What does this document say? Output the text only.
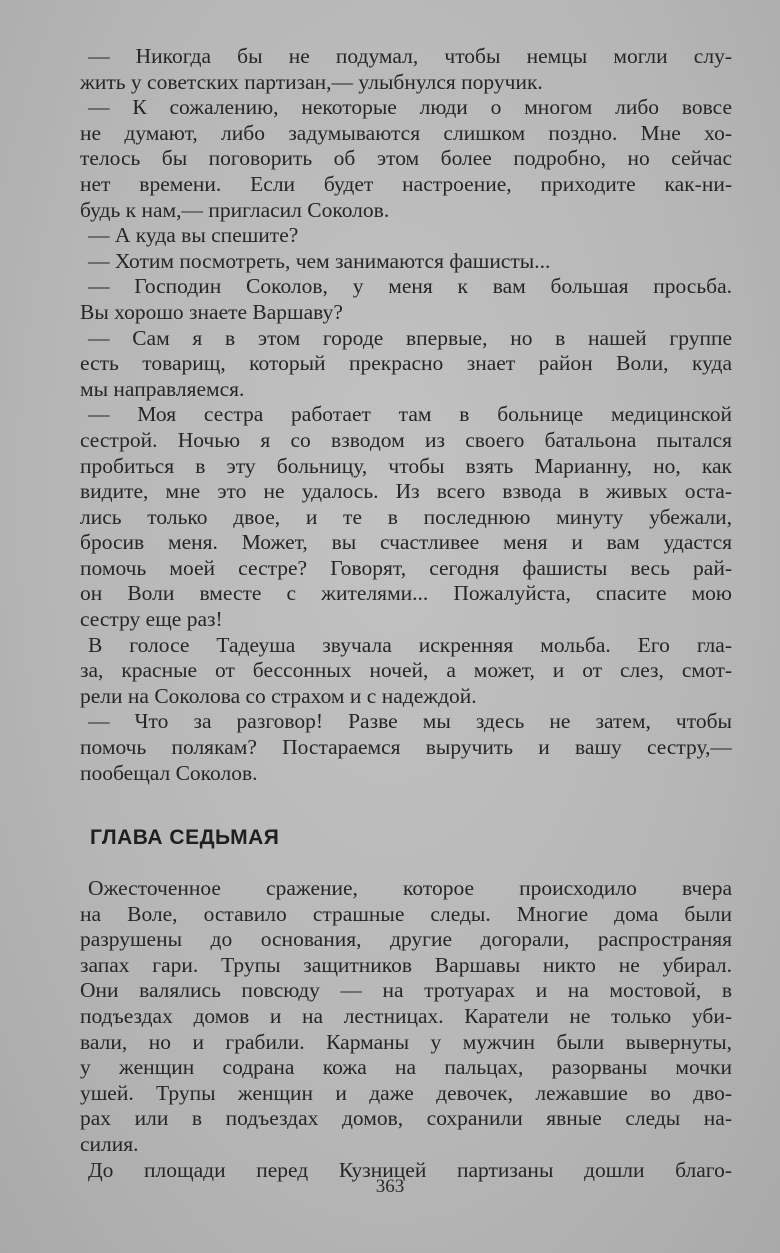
— Никогда бы не подумал, чтобы немцы могли слу-
жить у советских партизан,— улыбнулся поручик.
— К сожалению, некоторые люди о многом либо вовсе
не думают, либо задумываются слишком поздно. Мне хо-
телось бы поговорить об этом более подробно, но сейчас
нет времени. Если будет настроение, приходите как-ни-
будь к нам,— пригласил Соколов.
— А куда вы спешите?
— Хотим посмотреть, чем занимаются фашисты...
— Господин Соколов, у меня к вам большая просьба.
Вы хорошо знаете Варшаву?
— Сам я в этом городе впервые, но в нашей группе
есть товарищ, который прекрасно знает район Воли, куда
мы направляемся.
— Моя сестра работает там в больнице медицинской
сестрой. Ночью я со взводом из своего батальона пытался
пробиться в эту больницу, чтобы взять Марианну, но, как
видите, мне это не удалось. Из всего взвода в живых оста-
лись только двое, и те в последнюю минуту убежали,
бросив меня. Может, вы счастливее меня и вам удастся
помочь моей сестре? Говорят, сегодня фашисты весь рай-
он Воли вместе с жителями... Пожалуйста, спасите мою
сестру еще раз!
В голосе Тадеуша звучала искренняя мольба. Его гла-
за, красные от бессонных ночей, а может, и от слез, смот-
рели на Соколова со страхом и с надеждой.
— Что за разговор! Разве мы здесь не затем, чтобы
помочь полякам? Постараемся выручить и вашу сестру,—
пообещал Соколов.
ГЛАВА СЕДЬМАЯ
Ожесточенное сражение, которое происходило вчера
на Воле, оставило страшные следы. Многие дома были
разрушены до основания, другие догорали, распространяя
запах гари. Трупы защитников Варшавы никто не убирал.
Они валялись повсюду — на тротуарах и на мостовой, в
подъездах домов и на лестницах. Каратели не только уби-
вали, но и грабили. Карманы у мужчин были вывернуты,
у женщин содрана кожа на пальцах, разорваны мочки
ушей. Трупы женщин и даже девочек, лежавшие во дво-
рах или в подъездах домов, сохранили явные следы на-
силия.
До площади перед Кузницей партизаны дошли благо-
363
